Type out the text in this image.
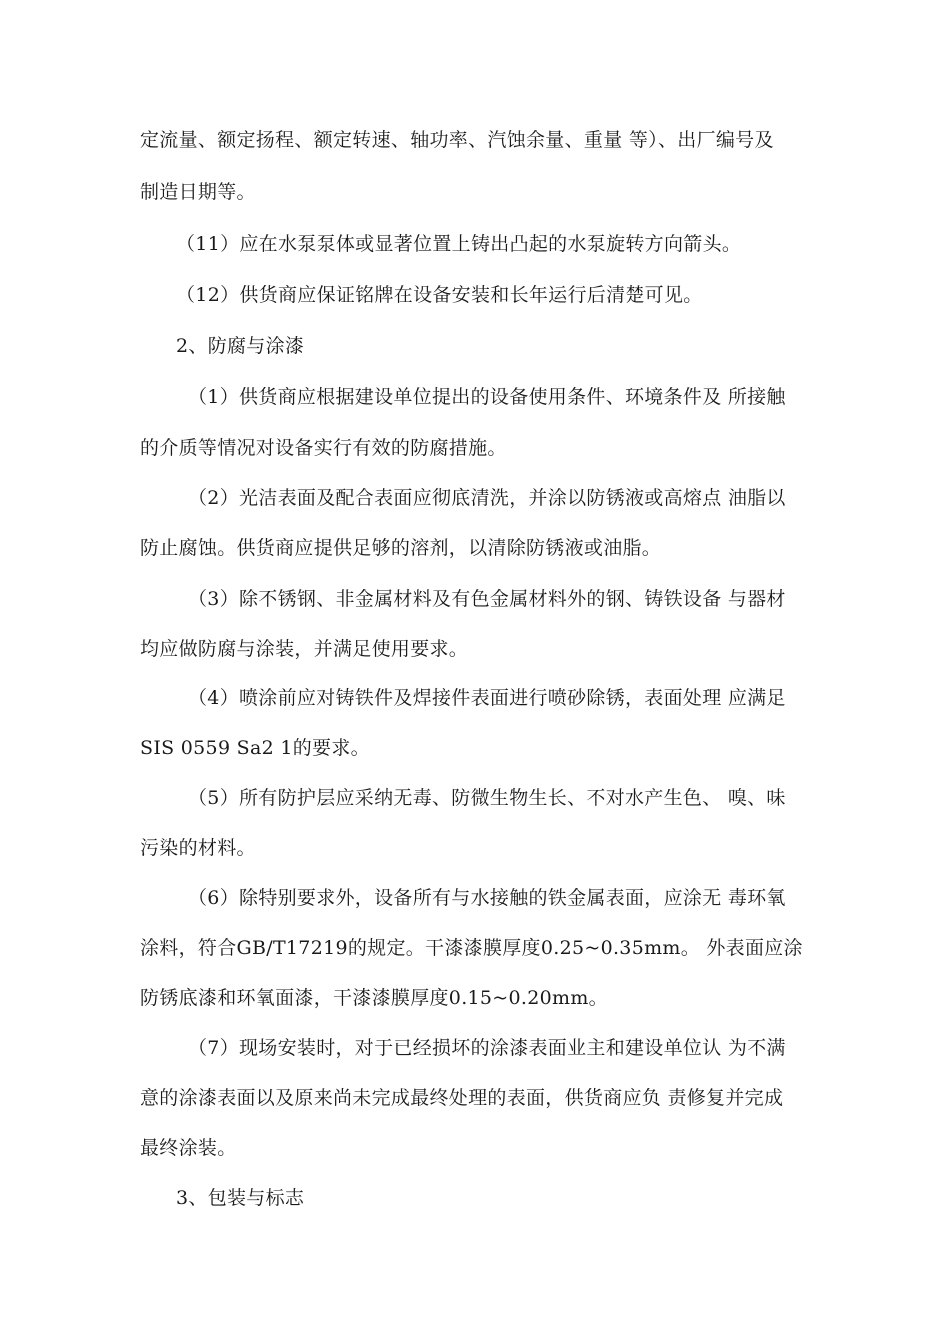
定流量、额定扬程、额定转速、轴功率、汽蚀余量、重量 等）、出厂编号及
制造日期等。
（11）应在水泵泵体或显著位置上铸出凸起的水泵旋转方向箭头。
（12）供货商应保证铭牌在设备安装和长年运行后清楚可见。
2、防腐与涂漆
（1）供货商应根据建设单位提出的设备使用条件、环境条件及 所接触
的介质等情况对设备实行有效的防腐措施。
（2）光洁表面及配合表面应彻底清洗，并涂以防锈液或高熔点 油脂以
防止腐蚀。供货商应提供足够的溶剂，以清除防锈液或油脂。
（3）除不锈钢、非金属材料及有色金属材料外的钢、铸铁设备 与器材
均应做防腐与涂装，并满足使用要求。
（4）喷涂前应对铸铁件及焊接件表面进行喷砂除锈，表面处理 应满足
SIS 0559 Sa2 1的要求。
（5）所有防护层应采纳无毒、防微生物生长、不对水产生色、 嗅、味
污染的材料。
（6）除特别要求外，设备所有与水接触的铁金属表面，应涂无 毒环氧
涂料，符合GB/T17219的规定。干漆漆膜厚度0.25~0.35mm。 外表面应涂
防锈底漆和环氧面漆，干漆漆膜厚度0.15~0.20mm。
（7）现场安装时，对于已经损坏的涂漆表面业主和建设单位认 为不满
意的涂漆表面以及原来尚未完成最终处理的表面，供货商应负 责修复并完成
最终涂装。
3、包装与标志
